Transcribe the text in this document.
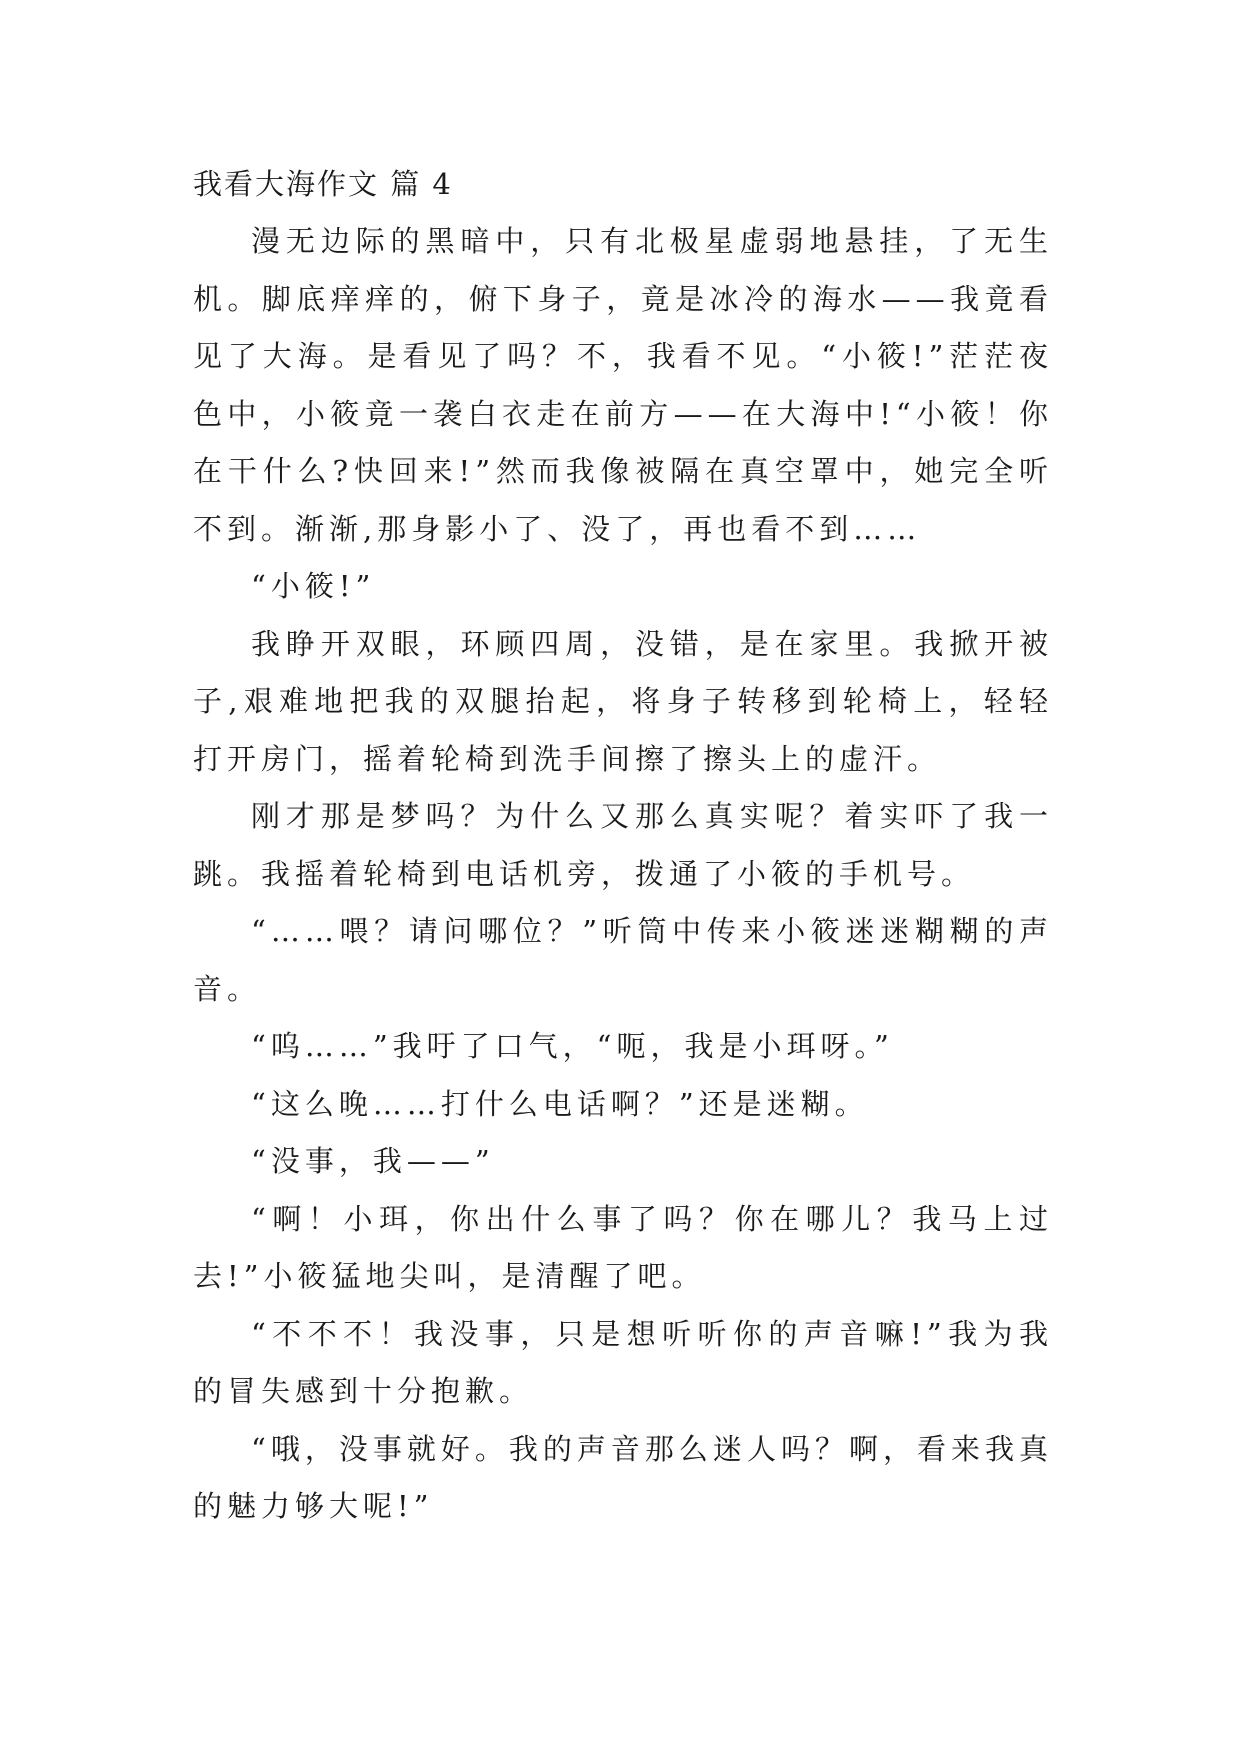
我看大海作文 篇 4

漫无边际的黑暗中，只有北极星虚弱地悬挂，了无生机。脚底痒痒的，俯下身子，竟是冰冷的海水——我竟看见了大海。是看见了吗？不，我看不见。“小筱!”茫茫夜色中，小筱竟一袭白衣走在前方——在大海中!“小筱！你在干什么?快回来!”然而我像被隔在真空罩中，她完全听不到。渐渐,那身影小了、没了，再也看不到……

“小筱!”

我睁开双眼，环顾四周，没错，是在家里。我掀开被子,艰难地把我的双腿抬起，将身子转移到轮椅上，轻轻打开房门，摇着轮椅到洗手间擦了擦头上的虚汗。

刚才那是梦吗？为什么又那么真实呢？着实吓了我一跳。我摇着轮椅到电话机旁，拨通了小筱的手机号。

“……喂？请问哪位？”听筒中传来小筱迷迷糊糊的声音。

“呜……”我吁了口气，“呃，我是小珥呀。”

“这么晚……打什么电话啊？”还是迷糊。

“没事，我——”

“啊！小珥，你出什么事了吗？你在哪儿？我马上过去!”小筱猛地尖叫，是清醒了吧。

“不不不！我没事，只是想听听你的声音嘛!”我为我的冒失感到十分抱歉。

“哦，没事就好。我的声音那么迷人吗？啊，看来我真的魅力够大呢!”
